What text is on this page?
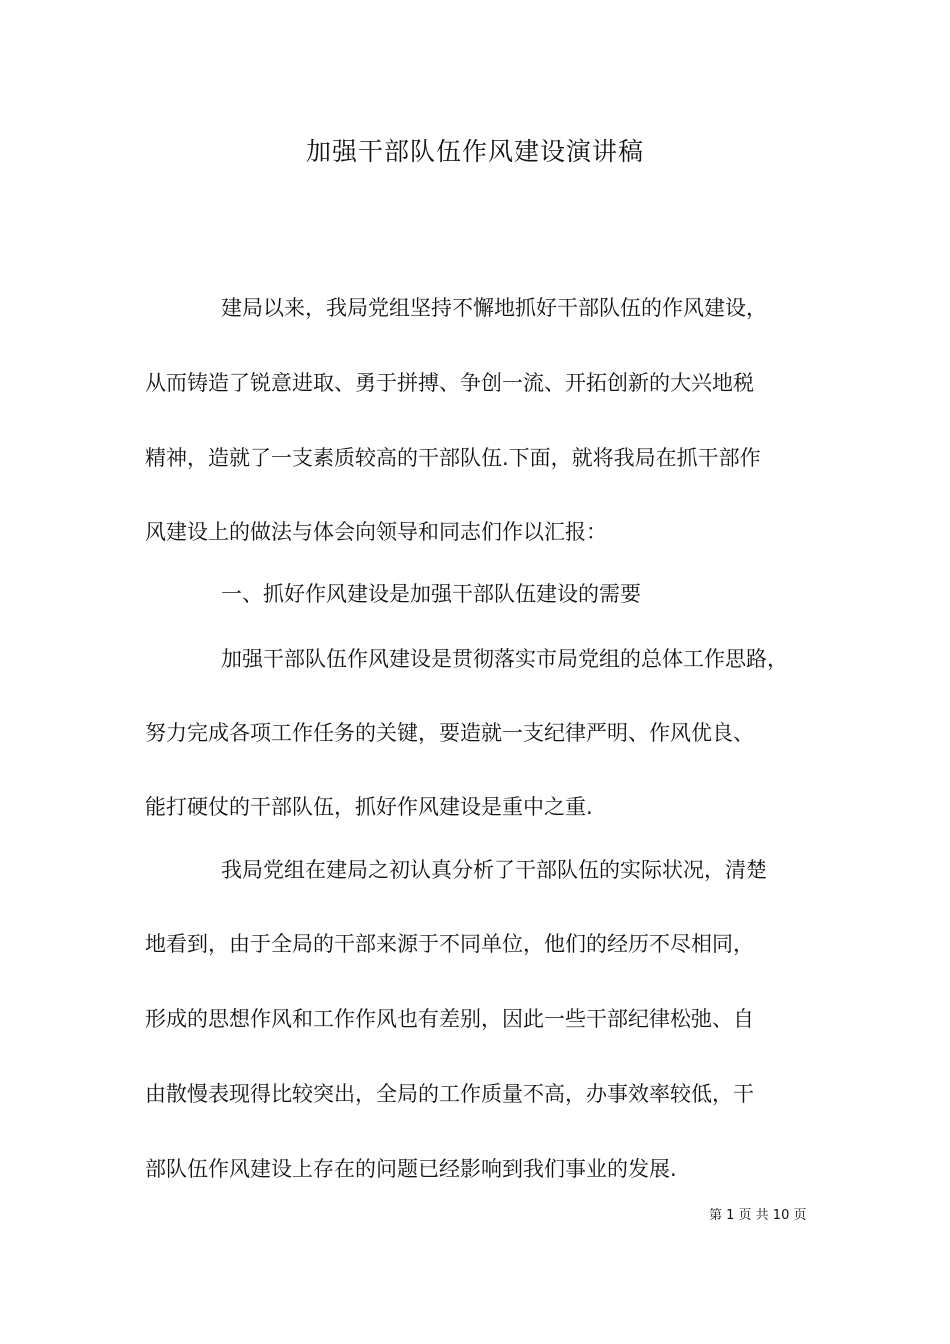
加强干部队伍作风建设演讲稿
建局以来，我局党组坚持不懈地抓好干部队伍的作风建设，
从而铸造了锐意进取、勇于拼搏、争创一流、开拓创新的大兴地税
精神，造就了一支素质较高的干部队伍.下面，就将我局在抓干部作
风建设上的做法与体会向领导和同志们作以汇报：
一、抓好作风建设是加强干部队伍建设的需要
加强干部队伍作风建设是贯彻落实市局党组的总体工作思路，
努力完成各项工作任务的关键，要造就一支纪律严明、作风优良、
能打硬仗的干部队伍，抓好作风建设是重中之重.
我局党组在建局之初认真分析了干部队伍的实际状况，清楚
地看到，由于全局的干部来源于不同单位，他们的经历不尽相同，
形成的思想作风和工作作风也有差别，因此一些干部纪律松弛、自
由散慢表现得比较突出，全局的工作质量不高，办事效率较低，干
部队伍作风建设上存在的问题已经影响到我们事业的发展.
第 1 页 共 10 页
